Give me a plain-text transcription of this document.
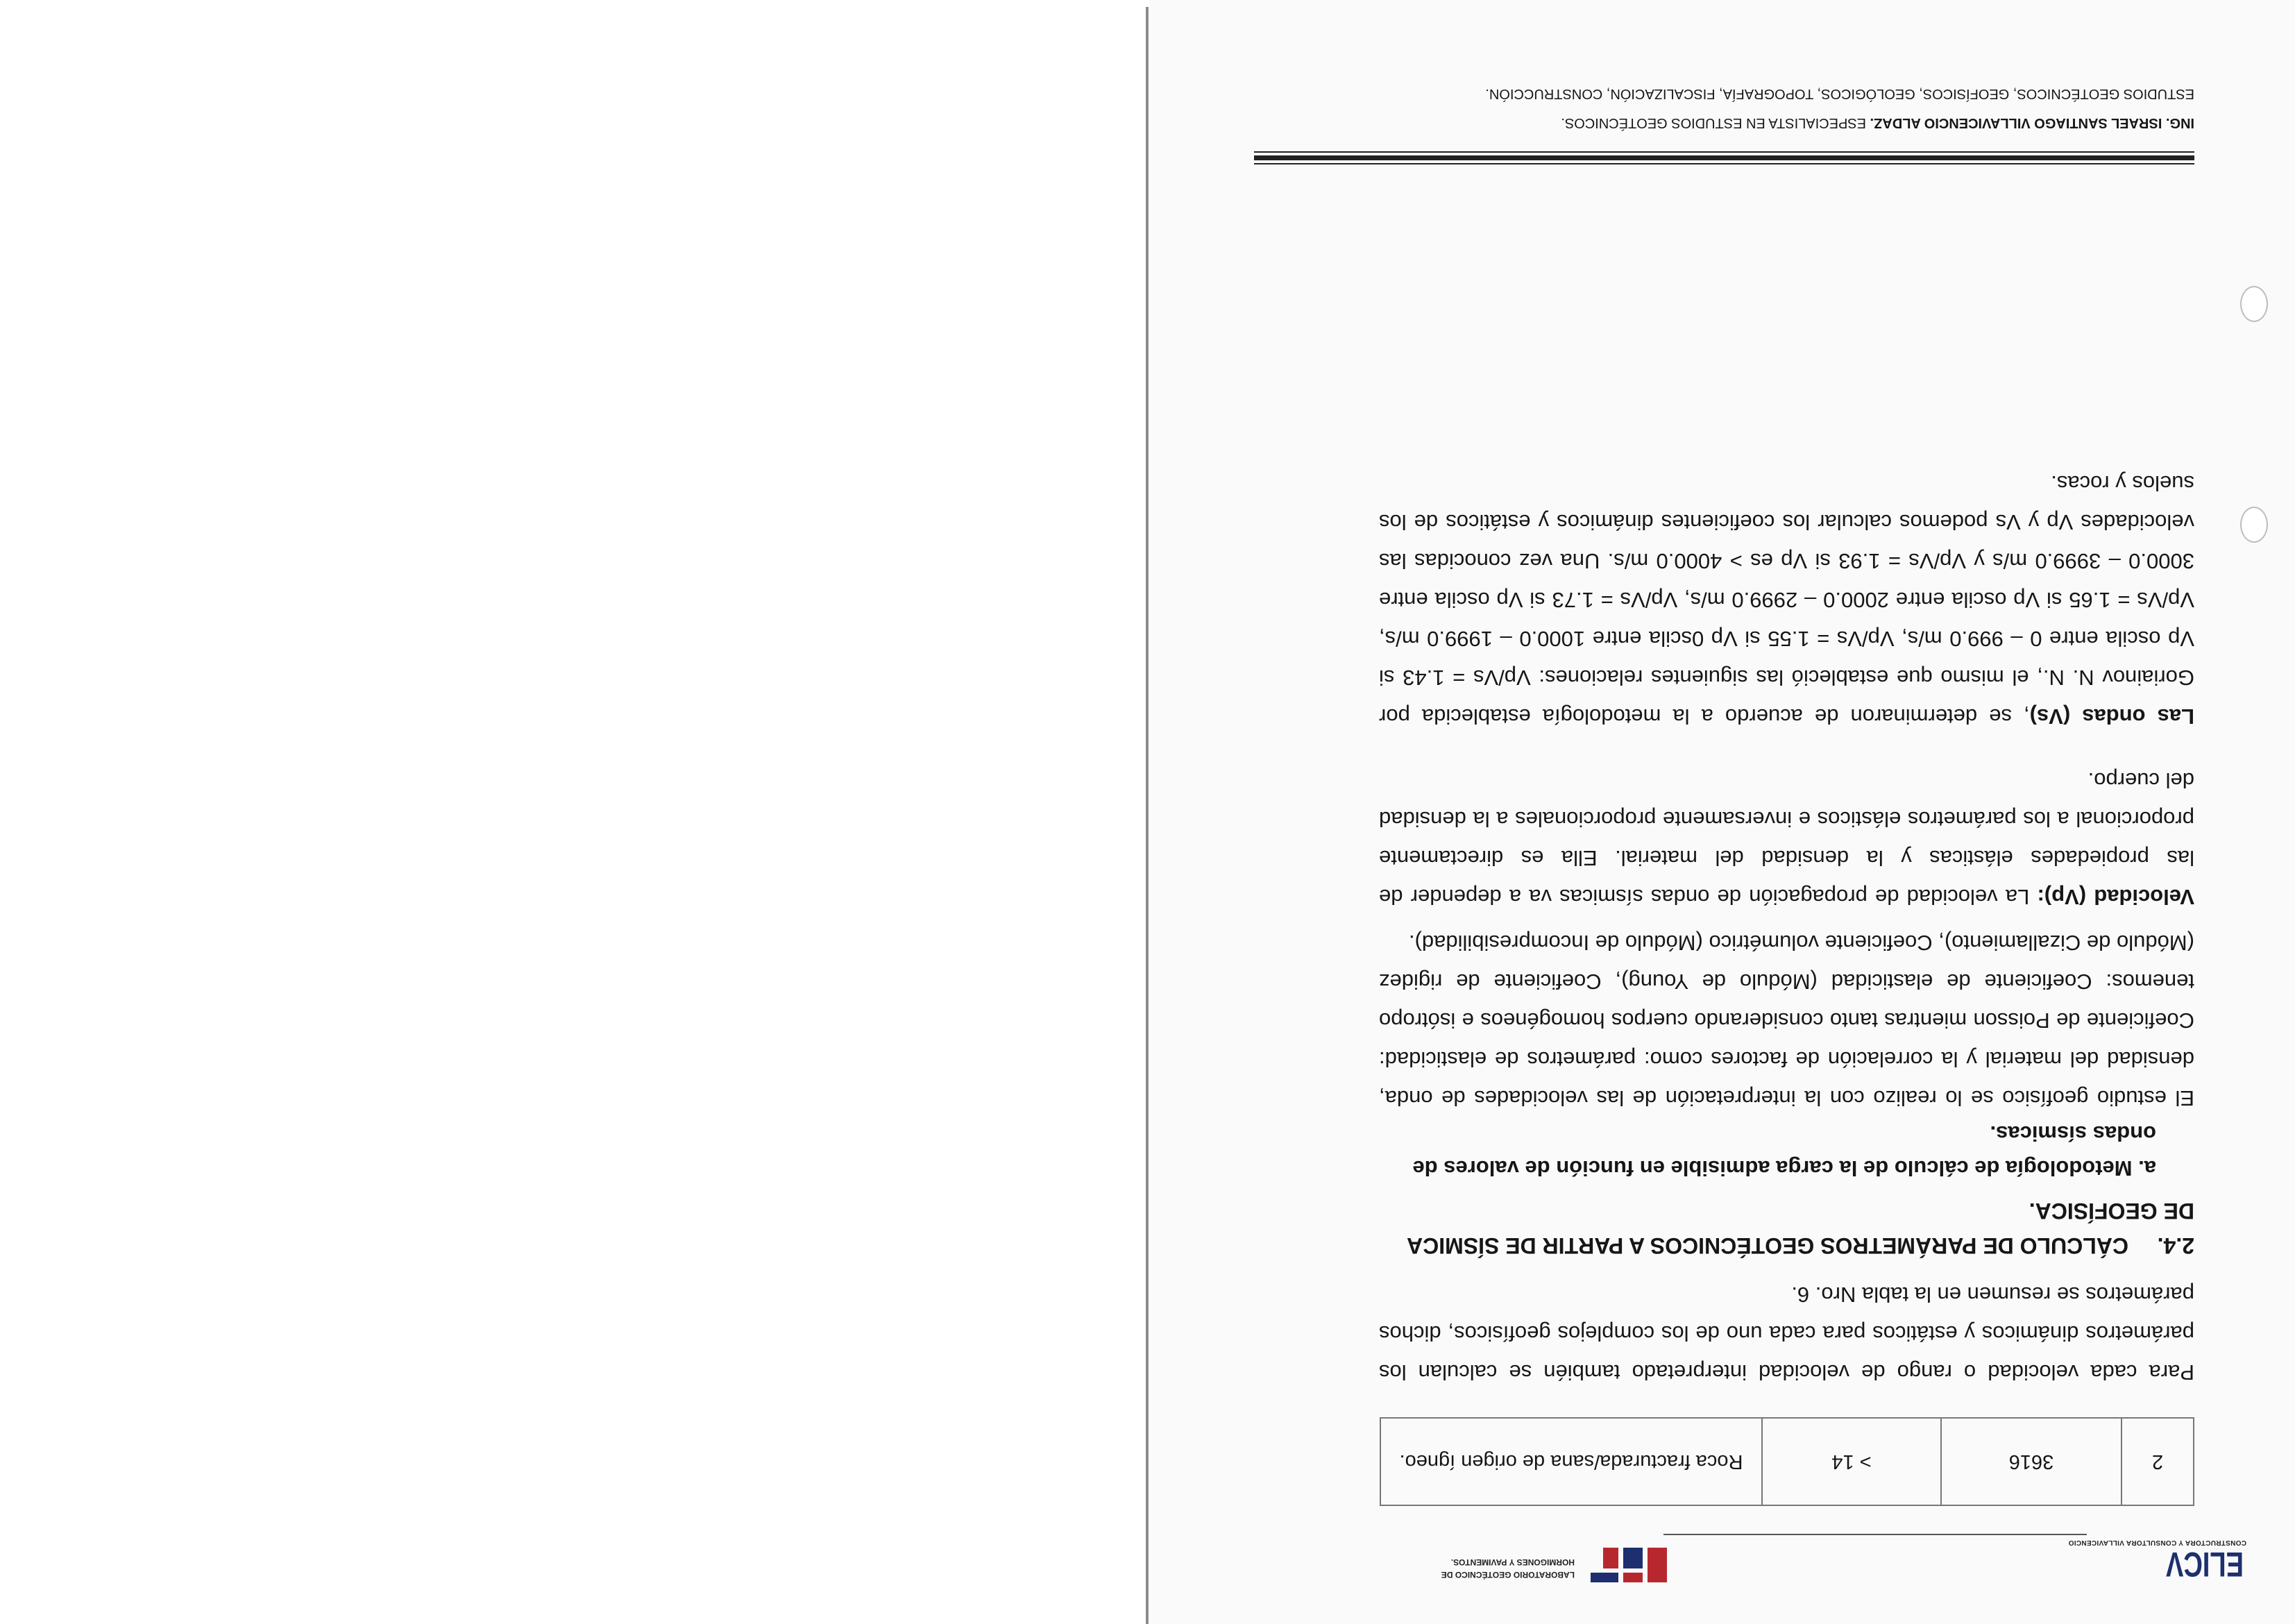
ELICV
CONSTRUCTORA Y CONSULTORA VILLAVICENCIO
LABORATORIO GEOTÉCNICO DE
HORMIGONES Y PAVIMENTOS.
2
3616
> 14
Roca fracturada/sana de origen ígneo.
Para cada velocidad o rango de velocidad interpretado también se calculan los parámetros dinámicos y estáticos para cada uno de los complejos geofísicos, dichos parámetros se resumen en la tabla Nro. 6.
2.4.CÁLCULO DE PARÁMETROS GEOTÉCNICOS A PARTIR DE SÍSMICA DE GEOFÍSICA.
a. Metodología de cálculo de la carga admisible en función de valores de ondas sísmicas.
El estudio geofísico se lo realizo con la interpretación de las velocidades de onda, densidad del material y la correlación de factores como: parámetros de elasticidad: Coeficiente de Poisson mientras tanto considerando cuerpos homogéneos e isótropo tenemos: Coeficiente de elasticidad (Módulo de Young), Coeficiente de rigidez (Módulo de Cizallamiento), Coeficiente volumétrico (Módulo de Incompresibilidad).
Velocidad (Vp): La velocidad de propagación de ondas sísmicas va a depender de las propiedades elásticas y la densidad del material. Ella es directamente proporcional a los parámetros elásticos e inversamente proporcionales a la densidad del cuerpo.
Las ondas (Vs), se determinaron de acuerdo a la metodología establecida por Goriainov N. N., el mismo que estableció las siguientes relaciones: Vp/Vs = 1.43 si Vp oscila entre 0 – 999.0 m/s, Vp/Vs = 1.55 si Vp 0scila entre 1000.0 – 1999.0 m/s, Vp/Vs = 1.65 si Vp oscila entre 2000.0 – 2999.0 m/s, Vp/Vs = 1.73 si Vp oscila entre 3000.0 – 3999.0 m/s y Vp/Vs = 1.93 si Vp es > 4000.0 m/s. Una vez conocidas las velocidades Vp y Vs podemos calcular los coeficientes dinámicos y estáticos de los suelos y rocas.
ING. ISRAEL SANTIAGO VILLAVICENCIO ALDAZ. ESPECIALISTA EN ESTUDIOS GEOTÉCNICOS.
ESTUDIOS GEOTÉCNICOS, GEOFÍSICOS, GEOLÓGICOS, TOPOGRAFÍA, FISCALIZACIÓN, CONSTRUCCIÓN.
